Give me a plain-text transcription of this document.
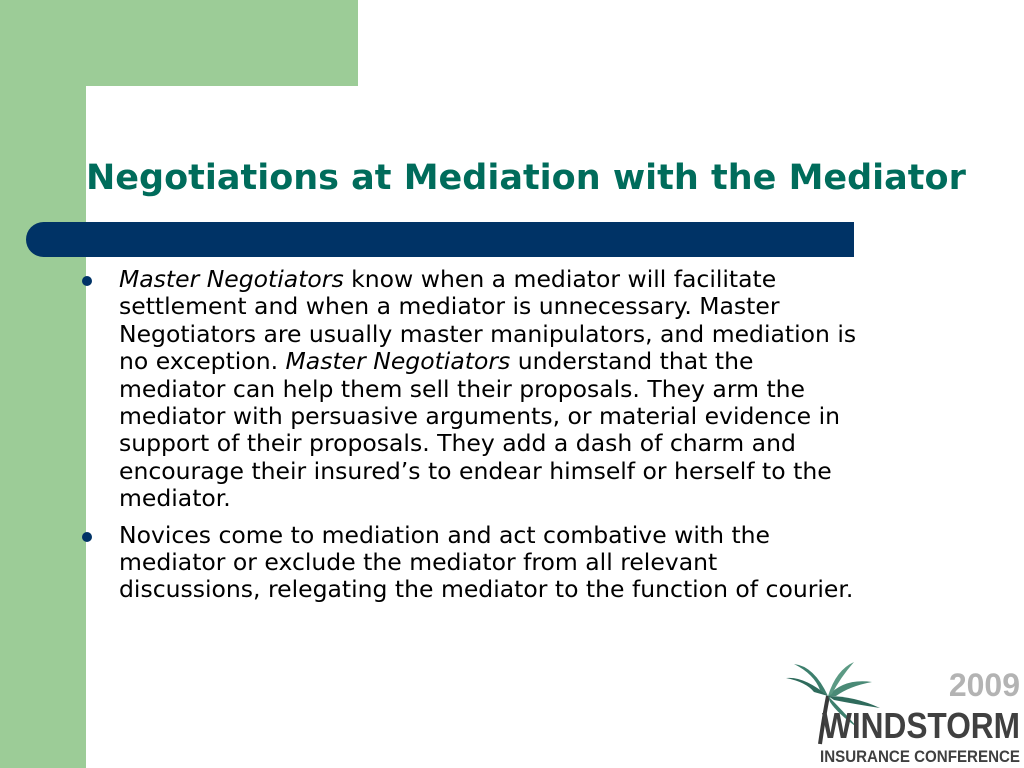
Negotiations at Mediation with the Mediator
Master Negotiators know when a mediator will facilitate settlement and when a mediator is unnecessary. Master Negotiators are usually master manipulators, and mediation is no exception. Master Negotiators understand that the mediator can help them sell their proposals. They arm the mediator with persuasive arguments, or material evidence in support of their proposals. They add a dash of charm and encourage their insured’s to endear himself or herself to the mediator.
Novices come to mediation and act combative with the mediator or exclude the mediator from all relevant discussions, relegating the mediator to the function of courier.
2009
WINDSTORM
INSURANCE CONFERENCE
